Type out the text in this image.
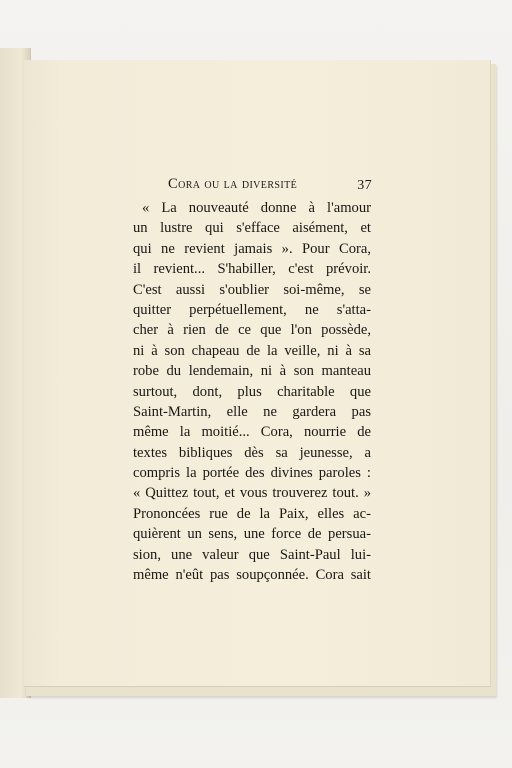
Cora ou la diversité	37
« La nouveauté donne à l'amour
un lustre qui s'efface aisément, et
qui ne revient jamais ». Pour Cora,
il revient... S'habiller, c'est prévoir.
C'est aussi s'oublier soi-même, se
quitter perpétuellement, ne s'atta-
cher à rien de ce que l'on possède,
ni à son chapeau de la veille, ni à sa
robe du lendemain, ni à son manteau
surtout, dont, plus charitable que
Saint-Martin, elle ne gardera pas
même la moitié... Cora, nourrie de
textes bibliques dès sa jeunesse, a
compris la portée des divines paroles :
« Quittez tout, et vous trouverez tout. »
Prononcées rue de la Paix, elles ac-
quièrent un sens, une force de persua-
sion, une valeur que Saint-Paul lui-
même n'eût pas soupçonnée. Cora sait
